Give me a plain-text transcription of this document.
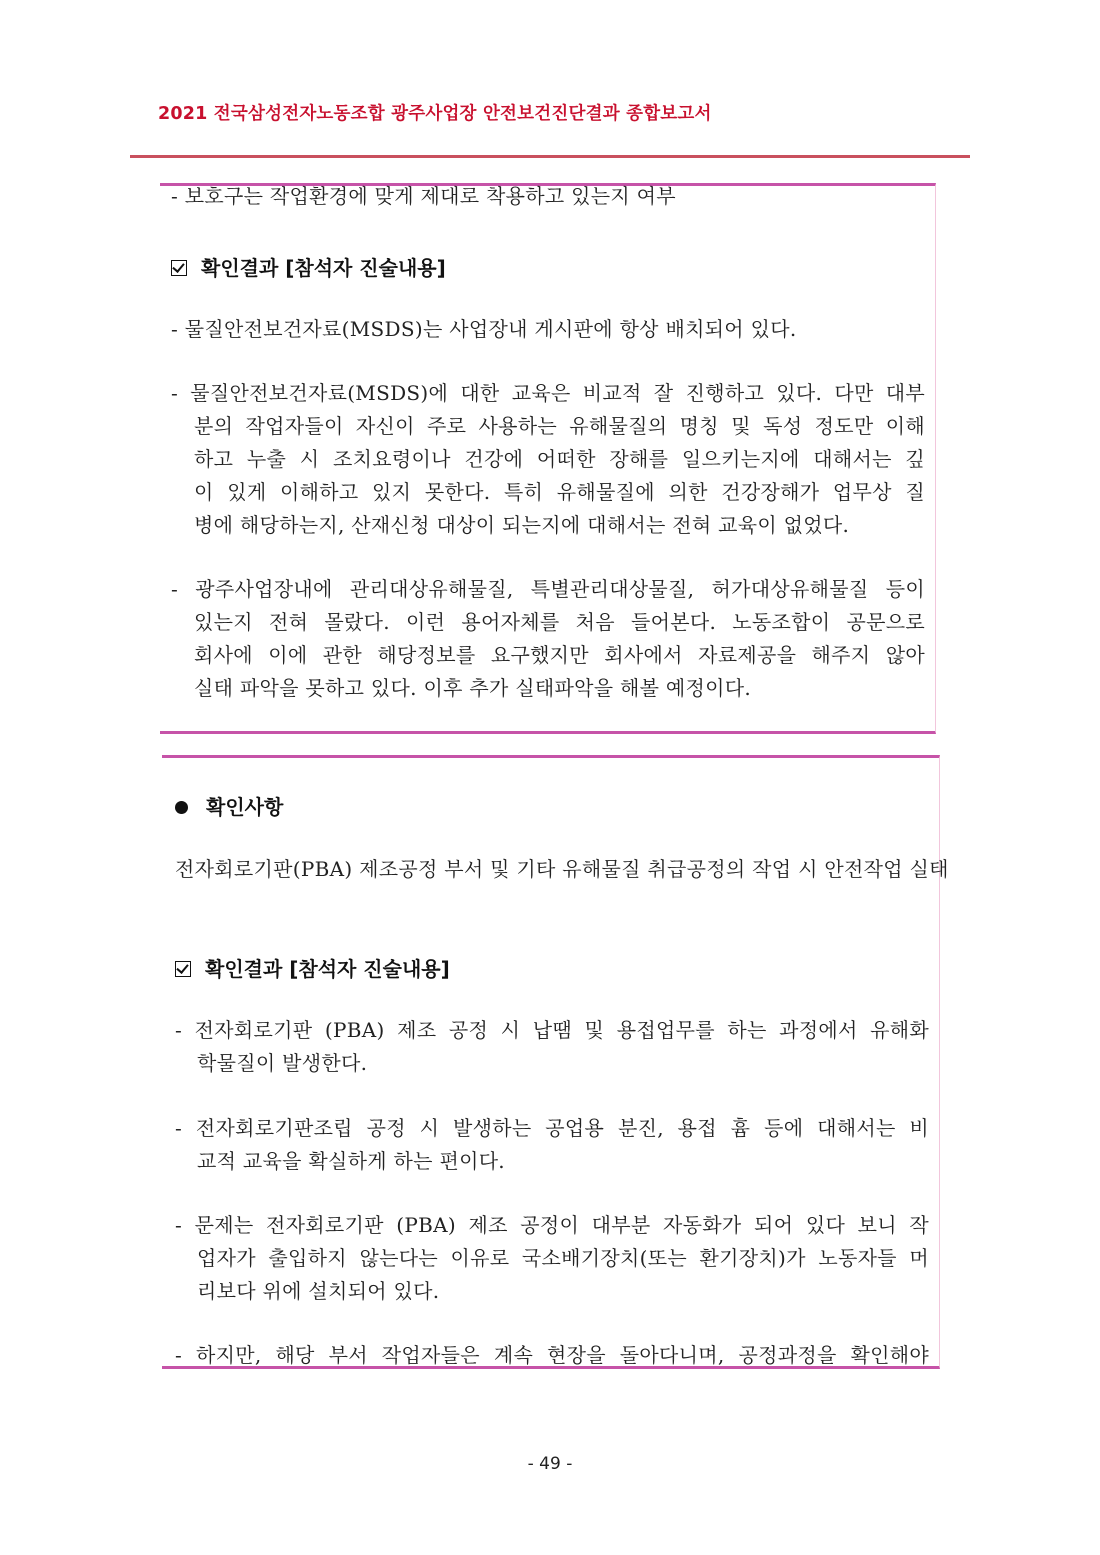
2021 전국삼성전자노동조합 광주사업장 안전보건진단결과 종합보고서
- 보호구는 작업환경에 맞게 제대로 착용하고 있는지 여부
확인결과 [참석자 진술내용]
- 물질안전보건자료(MSDS)는 사업장내 게시판에 항상 배치되어 있다.
- 물질안전보건자료(MSDS)에 대한 교육은 비교적 잘 진행하고 있다. 다만 대부
분의 작업자들이 자신이 주로 사용하는 유해물질의 명칭 및 독성 정도만 이해
하고 누출 시 조치요령이나 건강에 어떠한 장해를 일으키는지에 대해서는 깊
이 있게 이해하고 있지 못한다. 특히 유해물질에 의한 건강장해가 업무상 질
병에 해당하는지, 산재신청 대상이 되는지에 대해서는 전혀 교육이 없었다.
- 광주사업장내에 관리대상유해물질, 특별관리대상물질, 허가대상유해물질 등이
있는지 전혀 몰랐다. 이런 용어자체를 처음 들어본다. 노동조합이 공문으로
회사에 이에 관한 해당정보를 요구했지만 회사에서 자료제공을 해주지 않아
실태 파악을 못하고 있다. 이후 추가 실태파악을 해볼 예정이다.
확인사항
전자회로기판(PBA) 제조공정 부서 및 기타 유해물질 취급공정의 작업 시 안전작업 실태
확인결과 [참석자 진술내용]
- 전자회로기판 (PBA) 제조 공정 시 납땜 및 용접업무를 하는 과정에서 유해화
학물질이 발생한다.
- 전자회로기판조립 공정 시 발생하는 공업용 분진, 용접 흄 등에 대해서는 비
교적 교육을 확실하게 하는 편이다.
- 문제는 전자회로기판 (PBA) 제조 공정이 대부분 자동화가 되어 있다 보니 작
업자가 출입하지 않는다는 이유로 국소배기장치(또는 환기장치)가 노동자들 머
리보다 위에 설치되어 있다.
- 하지만, 해당 부서 작업자들은 계속 현장을 돌아다니며, 공정과정을 확인해야
- 49 -
